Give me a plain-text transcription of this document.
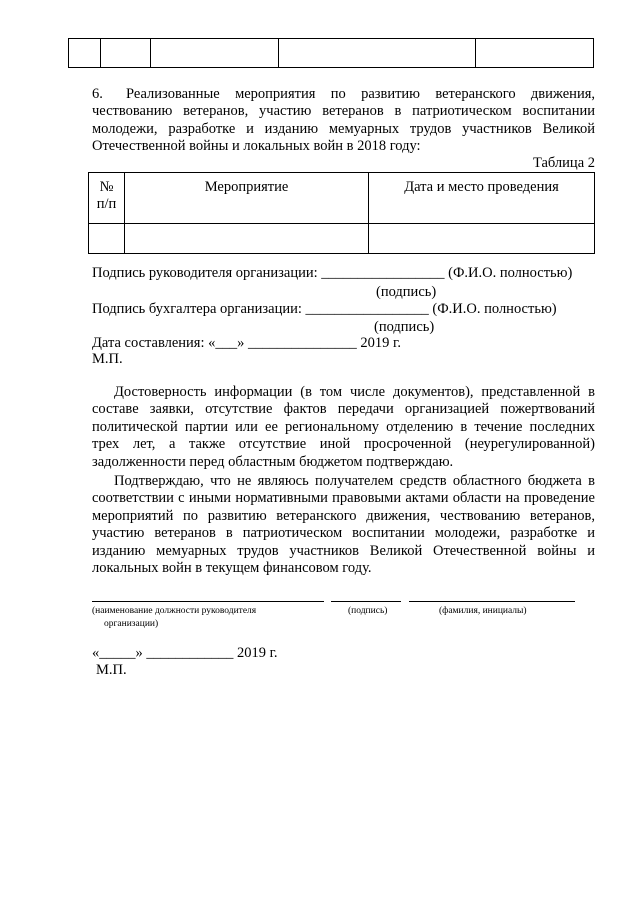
6. Реализованные мероприятия по развитию ветеранского движения, чествованию ветеранов, участию ветеранов в патриотическом воспитании молодежи, разработке и изданию мемуарных трудов участников Великой Отечественной войны и локальных войн в 2018 году:

Таблица 2
№
п/п	Мероприятие	Дата и место проведения

Подпись руководителя организации: _________________ (Ф.И.О. полностью)
(подпись)
Подпись бухгалтера организации: _________________ (Ф.И.О. полностью)
(подпись)
Дата составления: «___» _______________ 2019 г.
М.П.

Достоверность информации (в том числе документов), представленной в составе заявки, отсутствие фактов передачи организацией пожертвований политической партии или ее региональному отделению в течение последних трех лет, а также отсутствие иной просроченной (неурегулированной) задолженности перед областным бюджетом подтверждаю.

Подтверждаю, что не являюсь получателем средств областного бюджета в соответствии с иными нормативными правовыми актами области на проведение мероприятий по развитию ветеранского движения, чествованию ветеранов, участию ветеранов в патриотическом воспитании молодежи, разработке и изданию мемуарных трудов участников Великой Отечественной войны и локальных войн в текущем финансовом году.

(наименование должности руководителя
организации)
(подпись)	(фамилия, инициалы)
«_____» ____________ 2019 г.
М.П.
